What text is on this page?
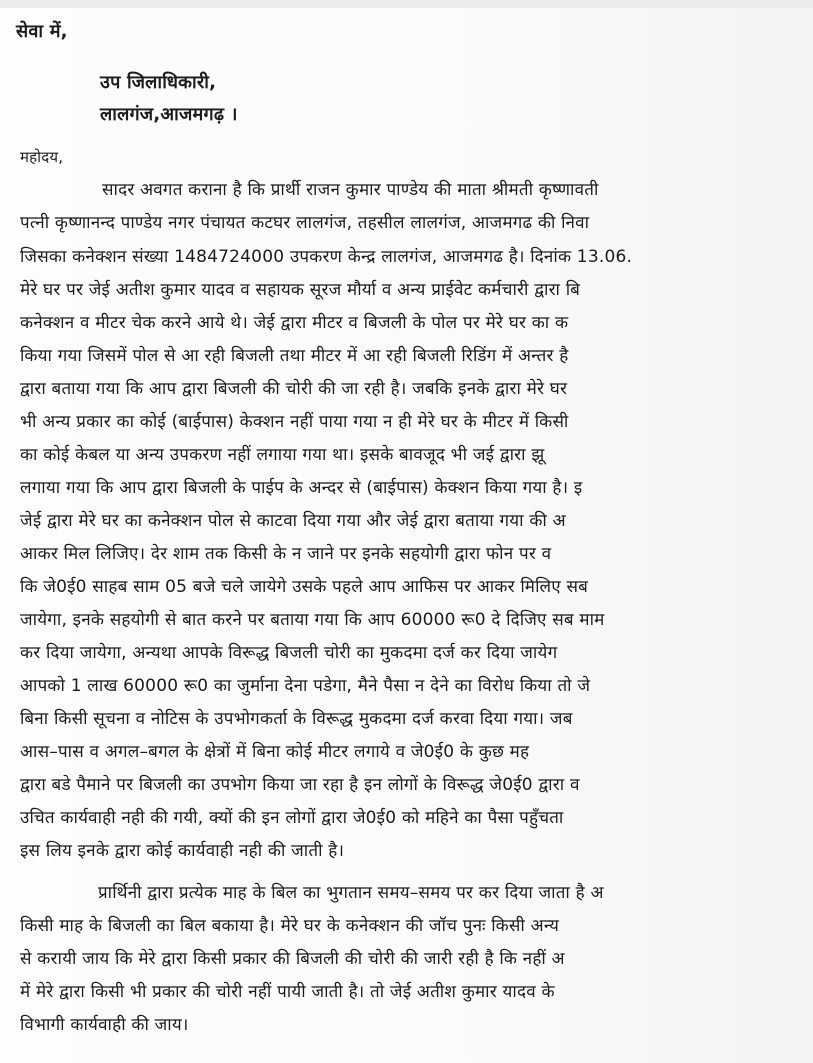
सेवा में,
उप जिलाधिकारी,
लालगंज,आजमगढ़ ।
महोदय,
सादर अवगत कराना है कि प्रार्थी राजन कुमार पाण्डेय की माता श्रीमती कृष्णावती
पत्नी कृष्णानन्द पाण्डेय नगर पंचायत कटघर लालगंज, तहसील लालगंज, आजमगढ की निवा
जिसका कनेक्शन संख्या 1484724000 उपकरण केन्द्र लालगंज, आजमगढ है। दिनांक 13.06.
मेरे घर पर जेई अतीश कुमार यादव व सहायक सूरज मौर्या व अन्य प्राईवेट कर्मचारी द्वारा बि
कनेक्शन व मीटर चेक करने आये थे। जेई द्वारा मीटर व बिजली के पोल पर मेरे घर का क
किया गया जिसमें पोल से आ रही बिजली तथा मीटर में आ रही बिजली रिडिंग में अन्तर है
द्वारा बताया गया कि आप द्वारा बिजली की चोरी की जा रही है। जबकि इनके द्वारा मेरे घर
भी अन्य प्रकार का कोई (बाईपास) केक्शन नहीं पाया गया न ही मेरे घर के मीटर में किसी
का कोई केबल या अन्य उपकरण नहीं लगाया गया था। इसके बावजूद भी जई द्वारा झू
लगाया गया कि आप द्वारा बिजली के पाईप के अन्दर से (बाईपास) केक्शन किया गया है। इ
जेई द्वारा मेरे घर का कनेक्शन पोल से काटवा दिया गया और जेई द्वारा बताया गया की अ
आकर मिल लिजिए। देर शाम तक किसी के न जाने पर इनके सहयोगी द्वारा फोन पर व
कि जे0ई0 साहब साम 05 बजे चले जायेगे उसके पहले आप आफिस पर आकर मिलिए सब
जायेगा, इनके सहयोगी से बात करने पर बताया गया कि आप 60000 रू0 दे दिजिए सब माम
कर दिया जायेगा, अन्यथा आपके विरूद्ध बिजली चोरी का मुकदमा दर्ज कर दिया जायेग
आपको 1 लाख 60000 रू0 का जुर्माना देना पडेगा, मैने पैसा न देने का विरोध किया तो जे
बिना किसी सूचना व नोटिस के उपभोगकर्ता के विरूद्ध मुकदमा दर्ज करवा दिया गया। जब
आस–पास व अगल–बगल के क्षेत्रों में बिना कोई मीटर लगाये व जे0ई0 के कुछ मह
द्वारा बडे पैमाने पर बिजली का उपभोग किया जा रहा है इन लोगों के विरूद्ध जे0ई0 द्वारा व
उचित कार्यवाही नही की गयी, क्यों की इन लोगों द्वारा जे0ई0 को महिने का पैसा पहुँचता
इस लिय इनके द्वारा कोई कार्यवाही नही की जाती है।
प्रार्थिनी द्वारा प्रत्येक माह के बिल का भुगतान समय–समय पर कर दिया जाता है अ
किसी माह के बिजली का बिल बकाया है। मेरे घर के कनेक्शन की जॉच पुनः किसी अन्य
से करायी जाय कि मेरे द्वारा किसी प्रकार की बिजली की चोरी की जारी रही है कि नहीं अ
में मेरे द्वारा किसी भी प्रकार की चोरी नहीं पायी जाती है। तो जेई अतीश कुमार यादव के
विभागी कार्यवाही की जाय।
